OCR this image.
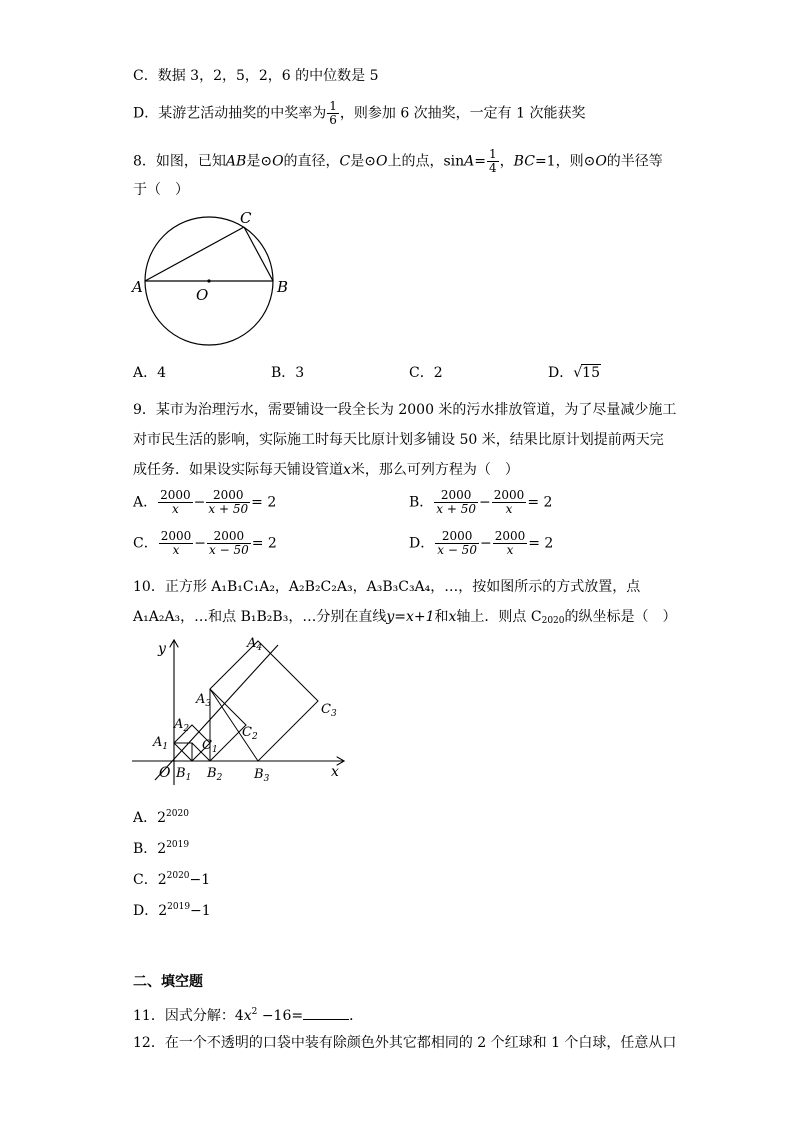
C．数据 3，2，5，2，6 的中位数是 5
D．某游艺活动抽奖的中奖率为 $\frac{1}{6}$ ，则参加 6 次抽奖，一定有 1 次能获奖
8．如图，已知AB是⊙O的直径，C是⊙O上的点，$\sin A= \frac{1}{4}$ ，BC=1，则⊙O的半径等
于（　）
A	B
C
O
A．4	B．3	C．2	D．√15
9．某市为治理污水，需要铺设一段全长为 2000 米的污水排放管道，为了尽量减少施工
对市民生活的影响，实际施工时每天比原计划多铺设 50 米，结果比原计划提前两天完
成任务．如果设实际每天铺设管道x米，那么可列方程为（　）
A． $\frac{2000}{x} - \frac{2000}{x + 50} = 2$	B． $\frac{2000}{x + 50} - \frac{2000}{x} = 2$
C． $\frac{2000}{x} - \frac{2000}{x - 50} = 2$	D． $\frac{2000}{x - 50} - \frac{2000}{x} = 2$
10．正方形 A₁B₁C₁A₂，A₂B₂C₂A₃，A₃B₃C₃A₄，…，按如图所示的方式放置，点
A₁A₂A₃，…和点 B₁B₂B₃，…分别在直线y=x+1和x轴上．则点 $C_{2020}$的纵坐标是（　）
y
x
O
$A_1$
$A_2$
$A_3$
$A_4$
$B_1$ $B_2$ $B_3$
$C_1$
$C_2$
$C_3$
A．$2^{2020}$
B．$2^{2019}$
C．$2^{2020}-1$
D．$2^{2019}-1$
二、填空题
11．因式分解：$4x^2 -16=$	．
12．在一个不透明的口袋中装有除颜色外其它都相同的 2 个红球和 1 个白球，任意从口
